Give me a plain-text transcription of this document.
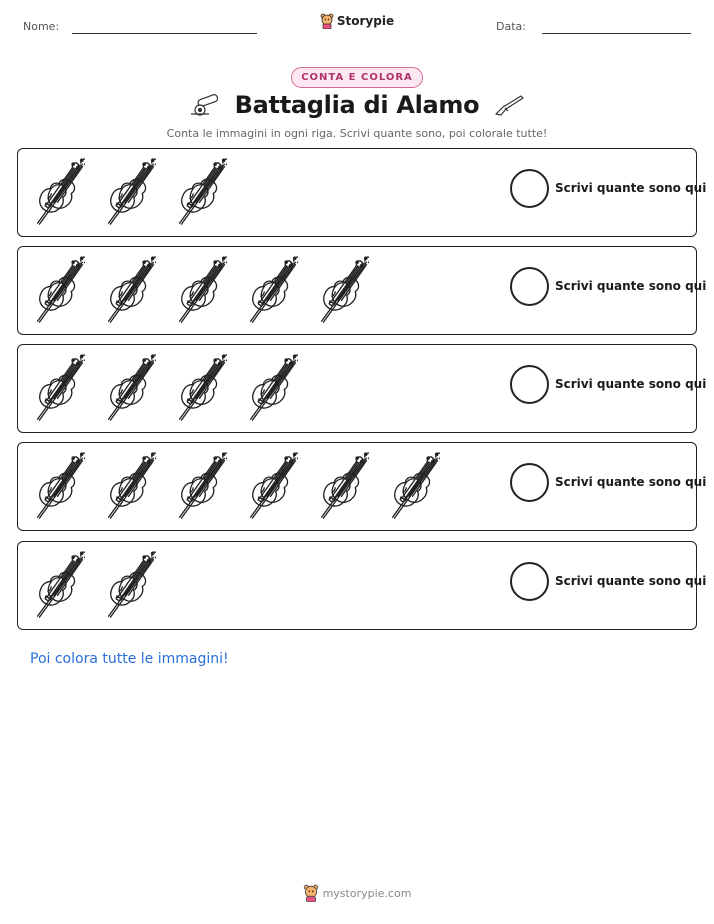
Nome:	Storypie	Data:
CONTA E COLORA
Battaglia di Alamo
Conta le immagini in ogni riga. Scrivi quante sono, poi colorale tutte!
Scrivi quante sono qui
Scrivi quante sono qui
Scrivi quante sono qui
Scrivi quante sono qui
Scrivi quante sono qui
Poi colora tutte le immagini!
mystorypie.com
